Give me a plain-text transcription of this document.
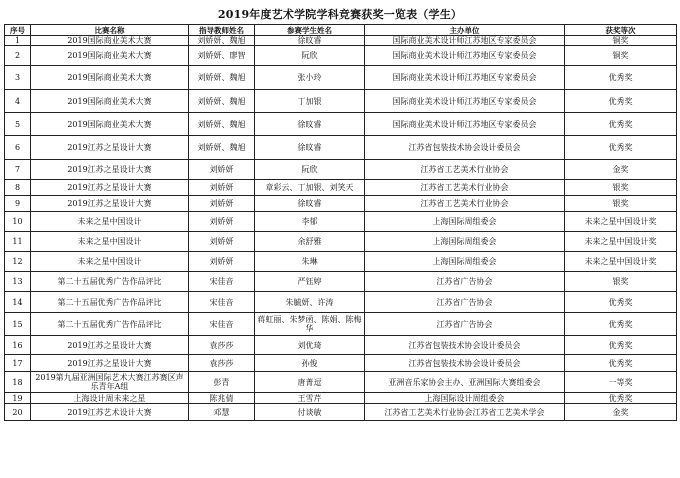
2019年度艺术学院学科竞赛获奖一览表（学生）
序号	比赛名称	指导教师姓名	参赛学生姓名	主办单位	获奖等次
1	2019国际商业美术大赛	刘娇妍、魏旭	徐旼睿	国际商业美术设计师江苏地区专家委员会	铜奖
2	2019国际商业美术大赛	刘娇妍、廖智	阮欣	国际商业美术设计师江苏地区专家委员会	铜奖
3	2019国际商业美术大赛	刘娇妍、魏旭	张小玲	国际商业美术设计师江苏地区专家委员会	优秀奖
4	2019国际商业美术大赛	刘娇妍、魏旭	丁加银	国际商业美术设计师江苏地区专家委员会	优秀奖
5	2019国际商业美术大赛	刘娇妍、魏旭	徐旼睿	国际商业美术设计师江苏地区专家委员会	优秀奖
6	2019江苏之星设计大赛	刘娇妍、魏旭	徐旼睿	江苏省包装技术协会设计委员会	优秀奖
7	2019江苏之星设计大赛	刘娇妍	阮欣	江苏省工艺美术行业协会	金奖
8	2019江苏之星设计大赛	刘娇妍	章彩云、丁加银、刘笑天	江苏省工艺美术行业协会	银奖
9	2019江苏之星设计大赛	刘娇妍	徐旼睿	江苏省工艺美术行业协会	银奖
10	未来之星中国设计	刘娇妍	李郁	上海国际周组委会	未来之星中国设计奖
11	未来之星中国设计	刘娇妍	余舒雅	上海国际周组委会	未来之星中国设计奖
12	未来之星中国设计	刘娇妍	朱琳	上海国际周组委会	未来之星中国设计奖
13	第二十五届优秀广告作品评比	宋佳音	严钰婷	江苏省广告协会	银奖
14	第二十五届优秀广告作品评比	宋佳音	朱毓妍、许涛	江苏省广告协会	优秀奖
15	第二十五届优秀广告作品评比	宋佳音	蒋虹丽、朱梦函、陈娟、陈梅华	江苏省广告协会	优秀奖
16	2019江苏之星设计大赛	袁莎莎	刘优琦	江苏省包装技术协会设计委员会	优秀奖
17	2019江苏之星设计大赛	袁莎莎	孙俊	江苏省包装技术协会设计委员会	优秀奖
18	2019第九届亚洲国际艺术大赛江苏赛区声乐青年A组	彭青	唐菁逗	亚洲音乐家协会主办、亚洲国际大赛组委会	一等奖
19	上海设计周未来之星	陈兆倩	王雪芹	上海国际设计周组委会	优秀奖
20	2019江苏艺术设计大赛	邓慧	付谈敏	江苏省工艺美术行业协会江苏省工艺美术学会	金奖
